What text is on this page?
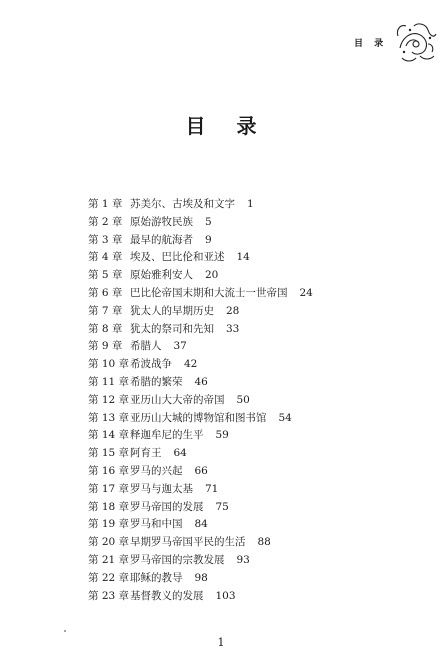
目 录
目 录
第 1 章 苏美尔、古埃及和文字 1
第 2 章 原始游牧民族 5
第 3 章 最早的航海者 9
第 4 章 埃及、巴比伦和亚述 14
第 5 章 原始雅利安人 20
第 6 章 巴比伦帝国末期和大流士一世帝国 24
第 7 章 犹太人的早期历史 28
第 8 章 犹太的祭司和先知 33
第 9 章 希腊人 37
第 10 章希波战争 42
第 11 章希腊的繁荣 46
第 12 章亚历山大大帝的帝国 50
第 13 章亚历山大城的博物馆和图书馆 54
第 14 章释迦牟尼的生平 59
第 15 章阿育王 64
第 16 章罗马的兴起 66
第 17 章罗马与迦太基 71
第 18 章罗马帝国的发展 75
第 19 章罗马和中国 84
第 20 章早期罗马帝国平民的生活 88
第 21 章罗马帝国的宗教发展 93
第 22 章耶稣的教导 98
第 23 章基督教义的发展 103
1
